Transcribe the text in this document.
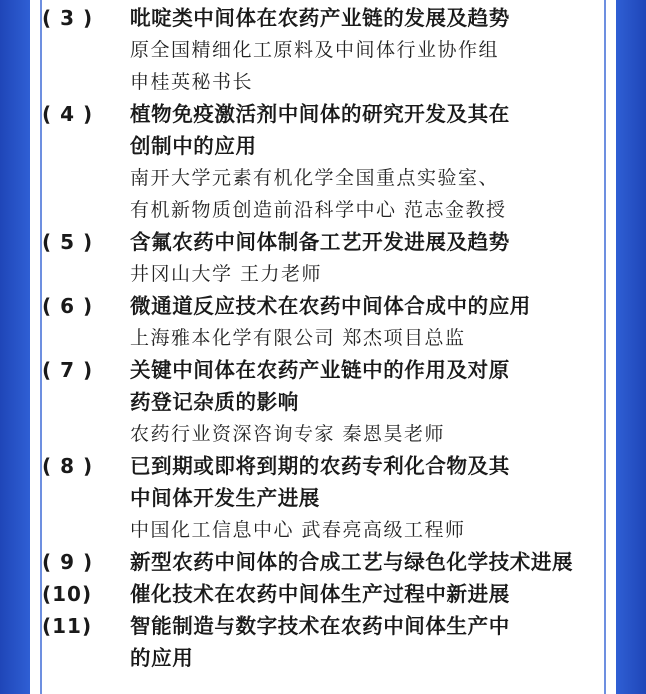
( 3 )	吡啶类中间体在农药产业链的发展及趋势
原全国精细化工原料及中间体行业协作组
申桂英秘书长
( 4 )	植物免疫激活剂中间体的研究开发及其在
创制中的应用
南开大学元素有机化学全国重点实验室、
有机新物质创造前沿科学中心 范志金教授
( 5 )	含氟农药中间体制备工艺开发进展及趋势
井冈山大学 王力老师
( 6 )	微通道反应技术在农药中间体合成中的应用
上海雅本化学有限公司 郑杰项目总监
( 7 )	关键中间体在农药产业链中的作用及对原
药登记杂质的影响
农药行业资深咨询专家 秦恩昊老师
( 8 )	已到期或即将到期的农药专利化合物及其
中间体开发生产进展
中国化工信息中心 武春亮高级工程师
( 9 )	新型农药中间体的合成工艺与绿色化学技术进展
(10)	催化技术在农药中间体生产过程中新进展
(11)	智能制造与数字技术在农药中间体生产中
的应用
